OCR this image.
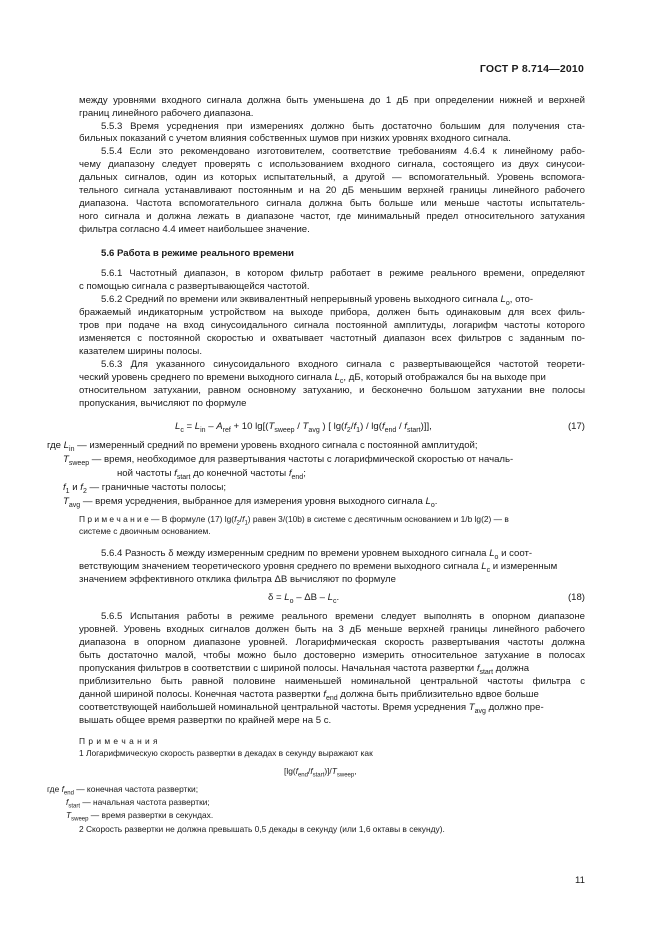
ГОСТ Р 8.714—2010
между уровнями входного сигнала должна быть уменьшена до 1 дБ при определении нижней и верхней
границ линейного рабочего диапазона.
5.5.3 Время усреднения при измерениях должно быть достаточно большим для получения ста-
бильных показаний с учетом влияния собственных шумов при низких уровнях входного сигнала.
5.5.4 Если это рекомендовано изготовителем, соответствие требованиям 4.6.4 к линейному рабо-
чему диапазону следует проверять с использованием входного сигнала, состоящего из двух синусои-
дальных сигналов, один из которых испытательный, а другой — вспомогательный. Уровень вспомога-
тельного сигнала устанавливают постоянным и на 20 дБ меньшим верхней границы линейного рабочего
диапазона. Частота вспомогательного сигнала должна быть больше или меньше частоты испытатель-
ного сигнала и должна лежать в диапазоне частот, где минимальный предел относительного затухания
фильтра согласно 4.4 имеет наибольшее значение.
5.6 Работа в режиме реального времени
5.6.1 Частотный диапазон, в котором фильтр работает в режиме реального времени, определяют
с помощью сигнала с развертывающейся частотой.
5.6.2 Средний по времени или эквивалентный непрерывный уровень выходного сигнала $L_o$, ото-
бражаемый индикаторным устройством на выходе прибора, должен быть одинаковым для всех филь-
тров при подаче на вход синусоидального сигнала постоянной амплитуды, логарифм частоты которого
изменяется с постоянной скоростью и охватывает частотный диапазон всех фильтров с заданным по-
казателем ширины полосы.
5.6.3 Для указанного синусоидального входного сигнала с развертывающейся частотой теорети-
ческий уровень среднего по времени выходного сигнала $L_c$, дБ, который отображался бы на выходе при
относительном затухании, равном основному затуханию, и бесконечно большом затухании вне полосы
пропускания, вычисляют по формуле
$L_c = L_{in} - A_{ref} + 10$ $\lg[(T_{sweep} / T_{avg}$ ) [ $\lg(f_2/f_1) / \lg(f_{end} / f_{start})$]],	(17)
где $L_{in}$ — измеренный средний по времени уровень входного сигнала с постоянной амплитудой;
$T_{sweep}$ — время, необходимое для развертывания частоты с логарифмической скоростью от началь-
ной частоты $f_{start}$ до конечной частоты $f_{end}$;
$f_1$ и $f_2$ — граничные частоты полосы;
$T_{avg}$ — время усреднения, выбранное для измерения уровня выходного сигнала $L_o$.
П р и м е ч а н и е — В формуле (17) $\lg(f_2/f_1)$ равен 3/(10b) в системе с десятичным основанием и 1/b lg(2) — в
системе с двоичным основанием.
5.6.4 Разность δ между измеренным средним по времени уровнем выходного сигнала $L_o$ и соот-
ветствующим значением теоретического уровня среднего по времени выходного сигнала $L_c$ и измеренным
значением эффективного отклика фильтра ΔB вычисляют по формуле
$\delta = L_o - \Delta B - L_c$.	(18)
5.6.5 Испытания работы в режиме реального времени следует выполнять в опорном диапазоне
уровней. Уровень входных сигналов должен быть на 3 дБ меньше верхней границы линейного рабочего
диапазона в опорном диапазоне уровней. Логарифмическая скорость развертывания частоты должна
быть достаточно малой, чтобы можно было достоверно измерить относительное затухание в полосах
пропускания фильтров в соответствии с шириной полосы. Начальная частота развертки $f_{start}$ должна
приблизительно быть равной половине наименьшей номинальной центральной частоты фильтра с
данной шириной полосы. Конечная частота развертки $f_{end}$ должна быть приблизительно вдвое больше
соответствующей наибольшей номинальной центральной частоты. Время усреднения $T_{avg}$ должно пре-
вышать общее время развертки по крайней мере на 5 с.
П р и м е ч а н и я
1 Логарифмическую скорость развертки в декадах в секунду выражают как
$[\lg(f_{end}/f_{start})]/T_{sweep}$,
где $f_{end}$ — конечная частота развертки;
$f_{start}$ — начальная частота развертки;
$T_{sweep}$ — время развертки в секундах.
2 Скорость развертки не должна превышать 0,5 декады в секунду (или 1,6 октавы в секунду).
11
